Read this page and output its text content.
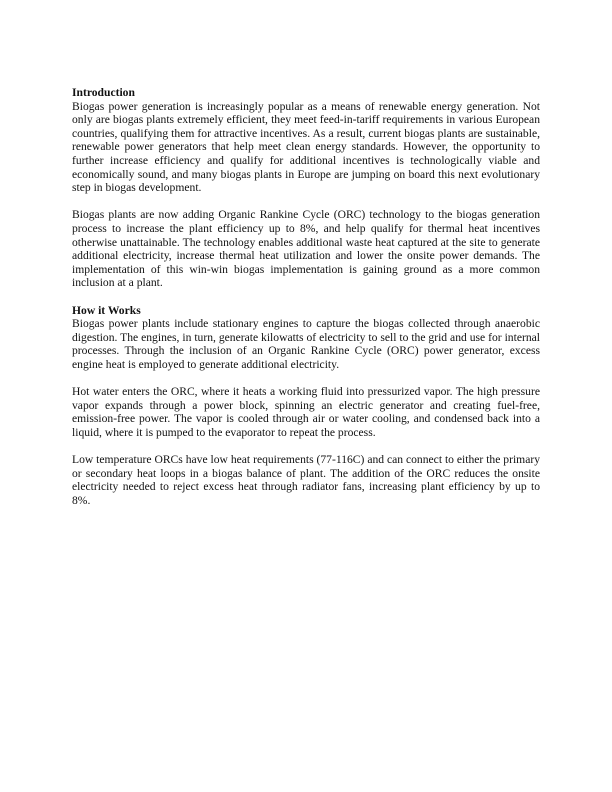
Introduction

Biogas power generation is increasingly popular as a means of renewable energy generation. Not only are biogas plants extremely efficient, they meet feed-in-tariff requirements in various European countries, qualifying them for attractive incentives. As a result, current biogas plants are sustainable, renewable power generators that help meet clean energy standards. However, the opportunity to further increase efficiency and qualify for additional incentives is technologically viable and economically sound, and many biogas plants in Europe are jumping on board this next evolutionary step in biogas development.

Biogas plants are now adding Organic Rankine Cycle (ORC) technology to the biogas generation process to increase the plant efficiency up to 8%, and help qualify for thermal heat incentives otherwise unattainable. The technology enables additional waste heat captured at the site to generate additional electricity, increase thermal heat utilization and lower the onsite power demands. The implementation of this win-win biogas implementation is gaining ground as a more common inclusion at a plant.

How it Works

Biogas power plants include stationary engines to capture the biogas collected through anaerobic digestion. The engines, in turn, generate kilowatts of electricity to sell to the grid and use for internal processes. Through the inclusion of an Organic Rankine Cycle (ORC) power generator, excess engine heat is employed to generate additional electricity.

Hot water enters the ORC, where it heats a working fluid into pressurized vapor. The high pressure vapor expands through a power block, spinning an electric generator and creating fuel-free, emission-free power. The vapor is cooled through air or water cooling, and condensed back into a liquid, where it is pumped to the evaporator to repeat the process.

Low temperature ORCs have low heat requirements (77-116C) and can connect to either the primary or secondary heat loops in a biogas balance of plant. The addition of the ORC reduces the onsite electricity needed to reject excess heat through radiator fans, increasing plant efficiency by up to 8%.
